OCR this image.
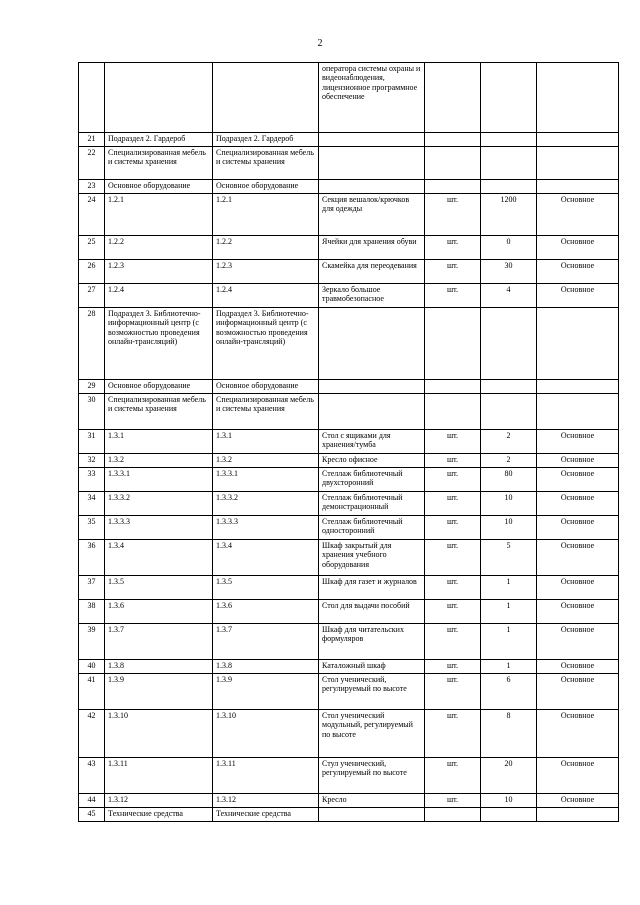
2
			оператора системы охраны и видеонаблюдения, лицензионное программное обеспечение			
21	Подраздел 2. Гардероб	Подраздел 2. Гардероб				
22	Специализированная мебель и системы хранения	Специализированная мебель и системы хранения				
23	Основное оборудование	Основное оборудование				
24	1.2.1	1.2.1	Секция вешалок/крючков для одежды	шт.	1200	Основное
25	1.2.2	1.2.2	Ячейки для хранения обуви	шт.	0	Основное
26	1.2.3	1.2.3	Скамейка для переодевания	шт.	30	Основное
27	1.2.4	1.2.4	Зеркало большое травмобезопасное	шт.	4	Основное
28	Подраздел 3. Библиотечно-информационный центр (с возможностью проведения онлайн-трансляций)	Подраздел 3. Библиотечно-информационный центр (с возможностью проведения онлайн-трансляций)				
29	Основное оборудование	Основное оборудование				
30	Специализированная мебель и системы хранения	Специализированная мебель и системы хранения				
31	1.3.1	1.3.1	Стол с ящиками для хранения/тумба	шт.	2	Основное
32	1.3.2	1.3.2	Кресло офисное	шт.	2	Основное
33	1.3.3.1	1.3.3.1	Стеллаж библиотечный двухсторонний	шт.	80	Основное
34	1.3.3.2	1.3.3.2	Стеллаж библиотечный демонстрационный	шт.	10	Основное
35	1.3.3.3	1.3.3.3	Стеллаж библиотечный односторонний	шт.	10	Основное
36	1.3.4	1.3.4	Шкаф закрытый для хранения учебного оборудования	шт.	5	Основное
37	1.3.5	1.3.5	Шкаф для газет и журналов	шт.	1	Основное
38	1.3.6	1.3.6	Стол для выдачи пособий	шт.	1	Основное
39	1.3.7	1.3.7	Шкаф для читательских формуляров	шт.	1	Основное
40	1.3.8	1.3.8	Каталожный шкаф	шт.	1	Основное
41	1.3.9	1.3.9	Стол ученический, регулируемый по высоте	шт.	6	Основное
42	1.3.10	1.3.10	Стол ученический модульный, регулируемый по высоте	шт.	8	Основное
43	1.3.11	1.3.11	Стул ученический, регулируемый по высоте	шт.	20	Основное
44	1.3.12	1.3.12	Кресло	шт.	10	Основное
45	Технические средства	Технические средства				
